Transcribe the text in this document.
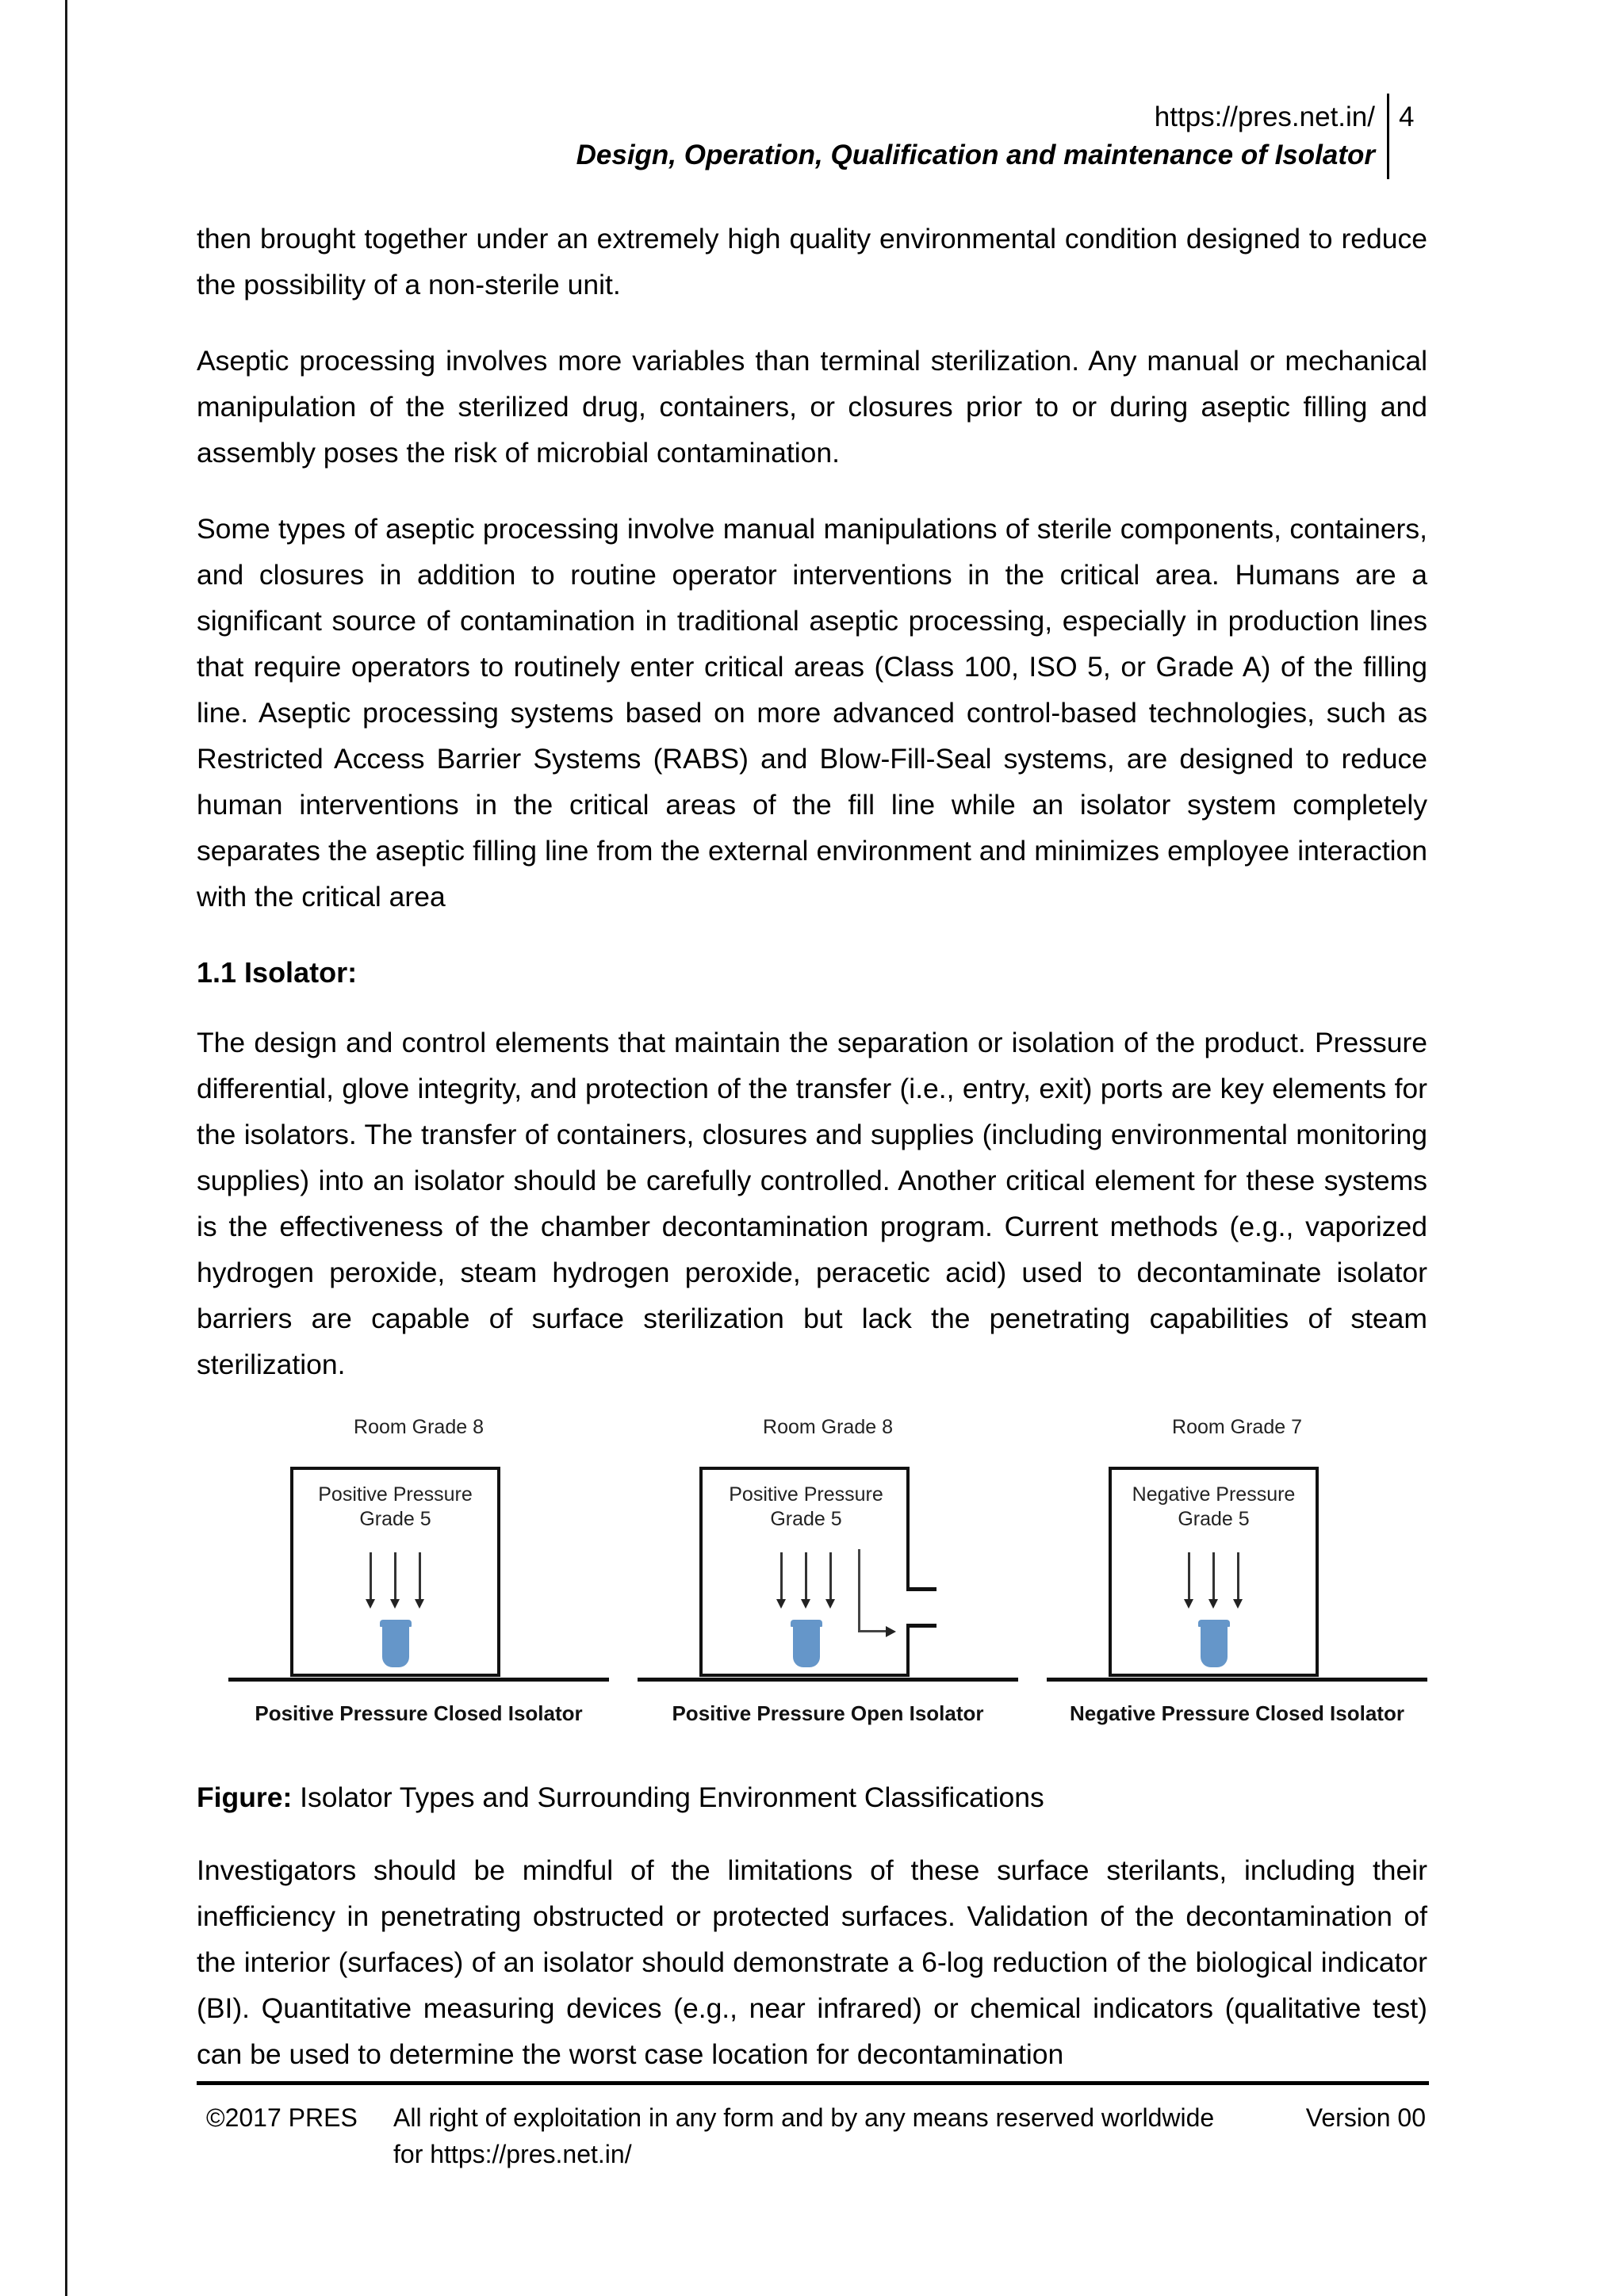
https://pres.net.in/
Design, Operation, Qualification and maintenance of Isolator
4

then brought together under an extremely high quality environmental condition designed to reduce the possibility of a non-sterile unit.

Aseptic processing involves more variables than terminal sterilization. Any manual or mechanical manipulation of the sterilized drug, containers, or closures prior to or during aseptic filling and assembly poses the risk of microbial contamination.

Some types of aseptic processing involve manual manipulations of sterile components, containers, and closures in addition to routine operator interventions in the critical area. Humans are a significant source of contamination in traditional aseptic processing, especially in production lines that require operators to routinely enter critical areas (Class 100, ISO 5, or Grade A) of the filling line. Aseptic processing systems based on more advanced control-based technologies, such as Restricted Access Barrier Systems (RABS) and Blow-Fill-Seal systems, are designed to reduce human interventions in the critical areas of the fill line while an isolator system completely separates the aseptic filling line from the external environment and minimizes employee interaction with the critical area

1.1 Isolator:

The design and control elements that maintain the separation or isolation of the product. Pressure differential, glove integrity, and protection of the transfer (i.e., entry, exit) ports are key elements for the isolators. The transfer of containers, closures and supplies (including environmental monitoring supplies) into an isolator should be carefully controlled. Another critical element for these systems is the effectiveness of the chamber decontamination program. Current methods (e.g., vaporized hydrogen peroxide, steam hydrogen peroxide, peracetic acid) used to decontaminate isolator barriers are capable of surface sterilization but lack the penetrating capabilities of steam sterilization.

Room Grade 8
Positive Pressure
Grade 5
Positive Pressure Closed Isolator
Room Grade 8
Positive Pressure
Grade 5
Positive Pressure Open Isolator
Room Grade 7
Negative Pressure
Grade 5
Negative Pressure Closed Isolator

Figure: Isolator Types and Surrounding Environment Classifications

Investigators should be mindful of the limitations of these surface sterilants, including their inefficiency in penetrating obstructed or protected surfaces. Validation of the decontamination of the interior (surfaces) of an isolator should demonstrate a 6-log reduction of the biological indicator (BI). Quantitative measuring devices (e.g., near infrared) or chemical indicators (qualitative test) can be used to determine the worst case location for decontamination

©2017 PRES All right of exploitation in any form and by any means reserved worldwide	Version 00
for https://pres.net.in/
